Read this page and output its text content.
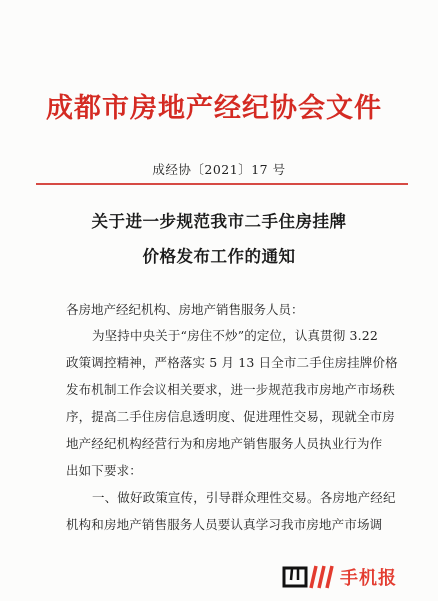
成都市房地产经纪协会文件
成经协〔2021〕17 号
关于进一步规范我市二手住房挂牌
价格发布工作的通知
各房地产经纪机构、房地产销售服务人员：
为坚持中央关于“房住不炒”的定位，认真贯彻 3.22
政策调控精神，严格落实 5 月 13 日全市二手住房挂牌价格
发布机制工作会议相关要求，进一步规范我市房地产市场秩
序，提高二手住房信息透明度、促进理性交易，现就全市房
地产经纪机构经营行为和房地产销售服务人员执业行为作
出如下要求：
一、做好政策宣传，引导群众理性交易。各房地产经纪
机构和房地产销售服务人员要认真学习我市房地产市场调
手机报
